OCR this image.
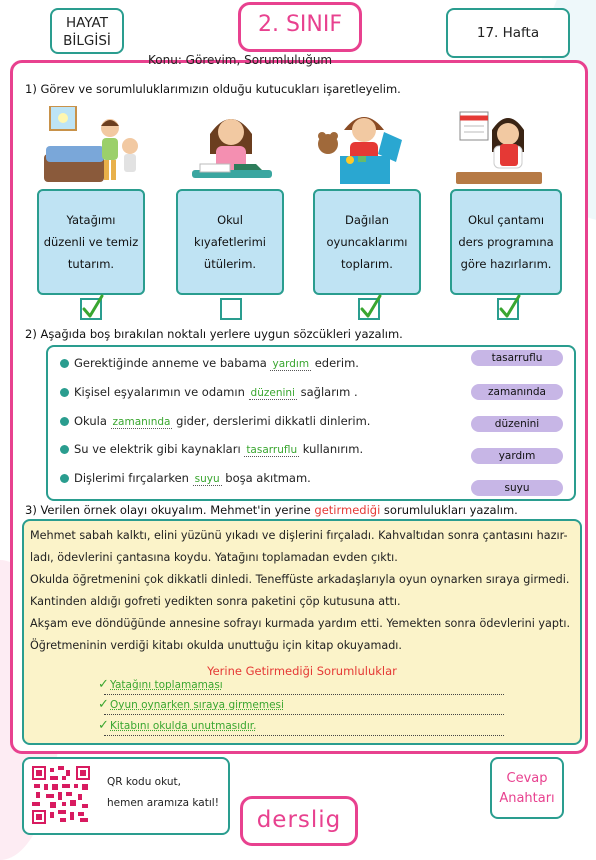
HAYAT
BİLGİSİ
2. SINIF	17. Hafta
Konu: Görevim, Sorumluluğum
1) Görev ve sorumluluklarımızın olduğu kutucukları işaretleyelim.
Yatağımı
düzenli ve temiz
tutarım.
Okul
kıyafetlerimi
ütülerim.
Dağılan
oyuncaklarımı
toplarım.
Okul çantamı
ders programına
göre hazırlarım.
2) Aşağıda boş bırakılan noktalı yerlere uygun sözcükleri yazalım.
Gerektiğinde anneme ve babama yardım ederim.
Kişisel eşyalarımın ve odamın düzenini sağlarım .
Okula zamanında gider, derslerimi dikkatli dinlerim.
Su ve elektrik gibi kaynakları tasarruflu kullanırım.
Dişlerimi fırçalarken suyu boşa akıtmam.
tasarruflu
zamanında
düzenini
yardım
suyu
3) Verilen örnek olayı okuyalım. Mehmet'in yerine getirmediği sorumlulukları yazalım.

Mehmet sabah kalktı, elini yüzünü yıkadı ve dişlerini fırçaladı. Kahvaltıdan sonra çantasını hazır-

ladı, ödevlerini çantasına koydu. Yatağını toplamadan evden çıktı.

Okulda öğretmenini çok dikkatli dinledi. Teneffüste arkadaşlarıyla oyun oynarken sıraya girmedi.

Kantinden aldığı gofreti yedikten sonra paketini çöp kutusuna attı.

Akşam eve döndüğünde annesine sofrayı kurmada yardım etti. Yemekten sonra ödevlerini yaptı.

Öğretmeninin verdiği kitabı okulda unuttuğu için kitap okuyamadı.

Yerine Getirmediği Sorumluluklar
✓ Yatağını toplamaması
✓ Oyun oynarken sıraya girmemesi
✓ Kitabını okulda unutmasıdır.
QR kodu okut,
hemen aramıza katıl!
derslig
Cevap
Anahtarı
